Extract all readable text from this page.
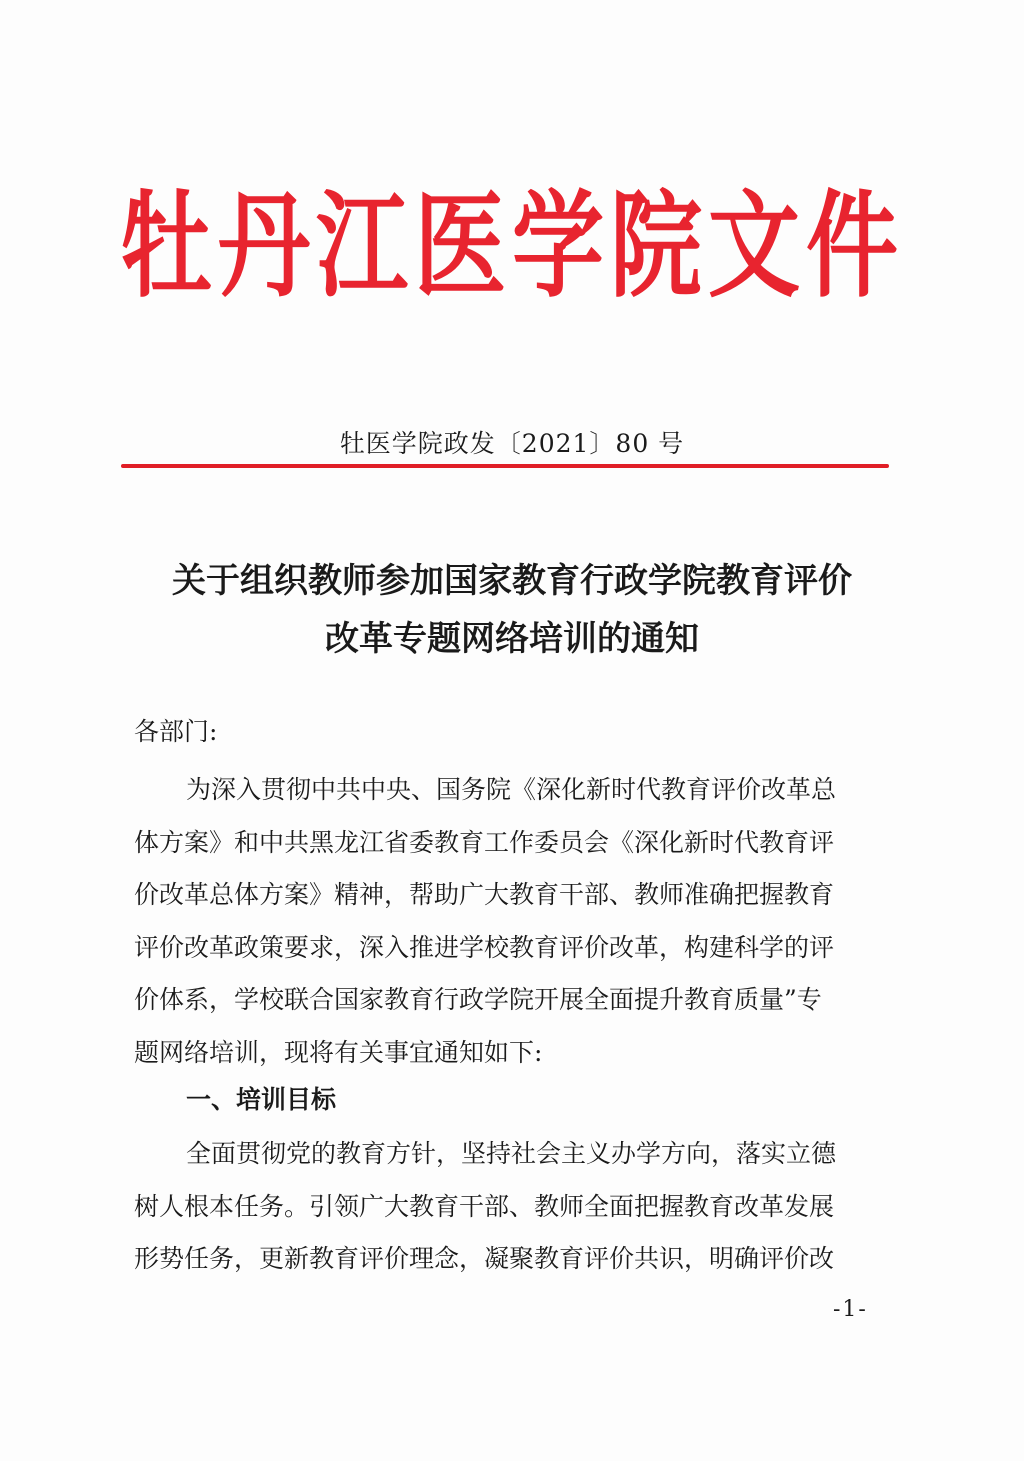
牡丹江医学院文件
牡医学院政发〔2021〕80 号
关于组织教师参加国家教育行政学院教育评价
改革专题网络培训的通知
各部门:
为深入贯彻中共中央、国务院《深化新时代教育评价改革总
体方案》和中共黑龙江省委教育工作委员会《深化新时代教育评
价改革总体方案》精神，帮助广大教育干部、教师准确把握教育
评价改革政策要求，深入推进学校教育评价改革，构建科学的评
价体系，学校联合国家教育行政学院开展全面提升教育质量”专
题网络培训，现将有关事宜通知如下:
一、培训目标
全面贯彻党的教育方针，坚持社会主义办学方向，落实立德
树人根本任务。引领广大教育干部、教师全面把握教育改革发展
形势任务，更新教育评价理念，凝聚教育评价共识，明确评价改
-1-
